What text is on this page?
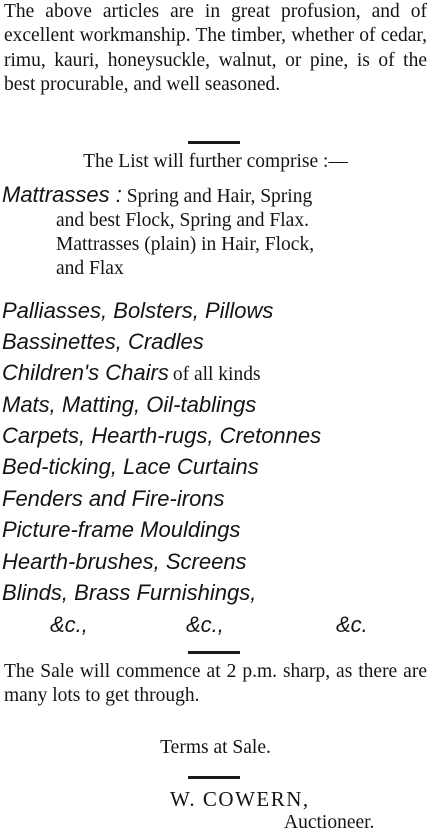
The above articles are in great profusion, and of excellent workmanship. The timber, whether of cedar, rimu, kauri, honeysuckle, walnut, or pine, is of the best procurable, and well seasoned.

The List will further comprise :—
Mattrasses : Spring and Hair, Spring
and best Flock, Spring and Flax.
Mattrasses (plain) in Hair, Flock,
and Flax
Palliasses, Bolsters, Pillows
Bassinettes, Cradles
Children's Chairs of all kinds
Mats, Matting, Oil-tablings
Carpets, Hearth-rugs, Cretonnes
Bed-ticking, Lace Curtains
Fenders and Fire-irons
Picture-frame Mouldings
Hearth-brushes, Screens
Blinds, Brass Furnishings,
&c.,	&c.,	&c.

The Sale will commence at 2 p.m. sharp, as there are many lots to get through.

Terms at Sale.
W. COWERN,
Auctioneer.
